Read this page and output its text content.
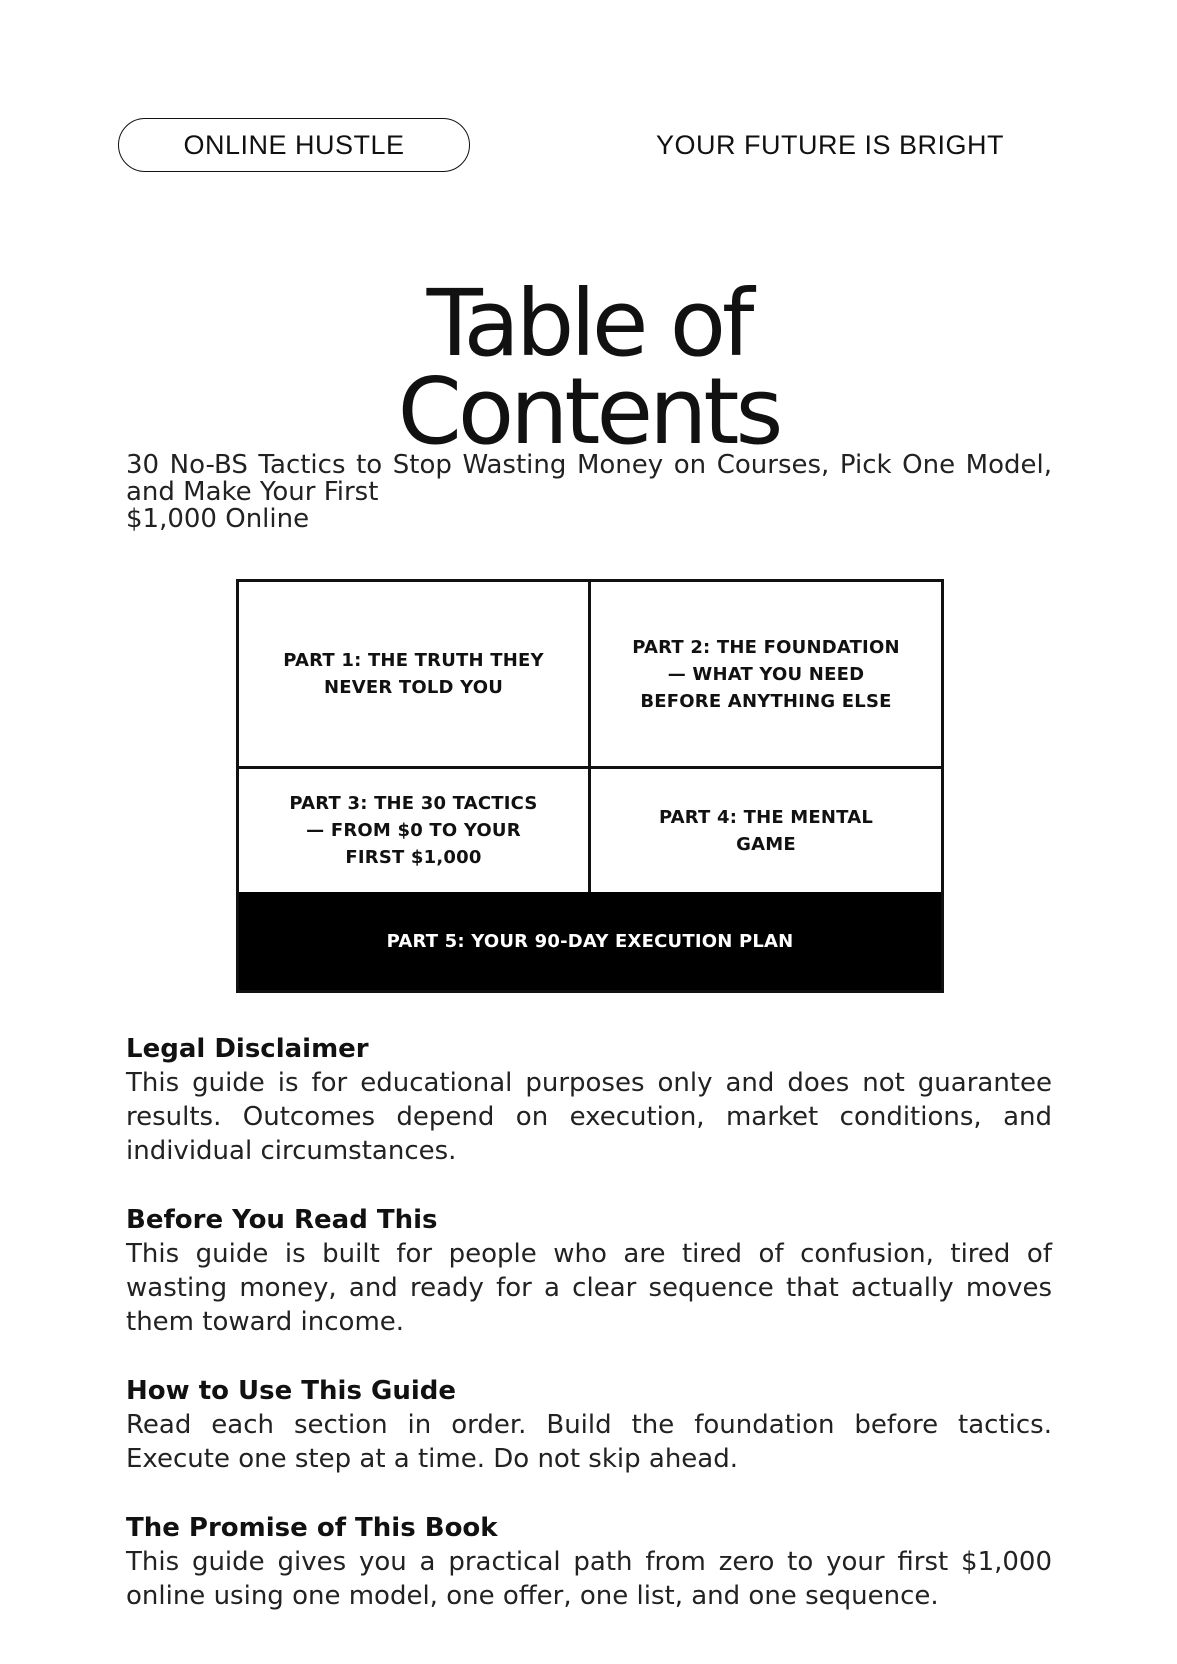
ONLINE HUSTLE	YOUR FUTURE IS BRIGHT
Table of
Contents
30 No-BS Tactics to Stop Wasting Money on Courses, Pick One Model, and Make Your First
$1,000 Online
PART 1: THE TRUTH THEY NEVER TOLD YOU
PART 2: THE FOUNDATION — WHAT YOU NEED BEFORE ANYTHING ELSE
PART 3: THE 30 TACTICS — FROM $0 TO YOUR FIRST $1,000
PART 4: THE MENTAL GAME
PART 5: YOUR 90-DAY EXECUTION PLAN
Legal Disclaimer

This guide is for educational purposes only and does not guarantee results. Outcomes depend on execution, market conditions, and individual circumstances.

Before You Read This

This guide is built for people who are tired of confusion, tired of wasting money, and ready for a clear sequence that actually moves them toward income.

How to Use This Guide

Read each section in order. Build the foundation before tactics. Execute one step at a time. Do not skip ahead.

The Promise of This Book

This guide gives you a practical path from zero to your first $1,000 online using one model, one offer, one list, and one sequence.
